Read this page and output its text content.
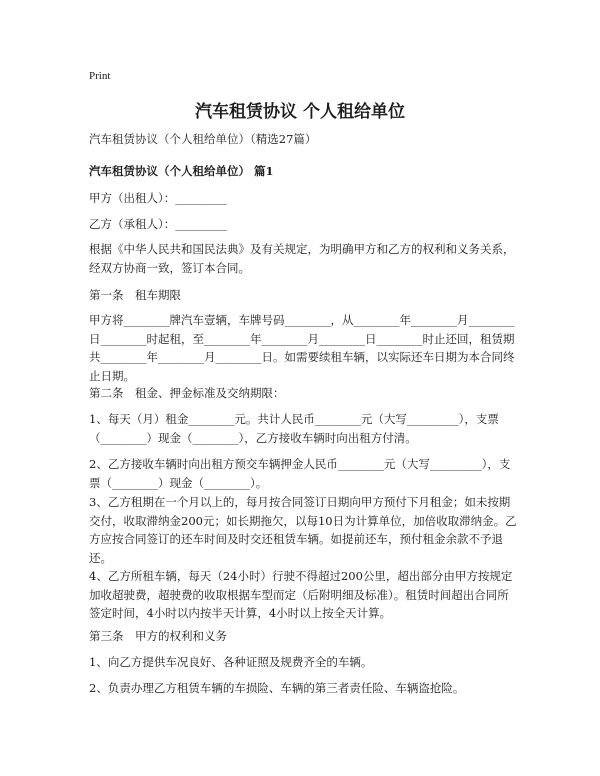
Print
汽车租赁协议 个人租给单位
汽车租赁协议（个人租给单位）（精选27篇）
汽车租赁协议（个人租给单位） 篇1
甲方（出租人）：_________
乙方（承租人）：_________
根据《中华人民共和国民法典》及有关规定，为明确甲方和乙方的权利和义务关系，经双方协商一致，签订本合同。
第一条　租车期限
甲方将________牌汽车壹辆，车牌号码________，从________年________月________日________时起租，至________年________月________日________时止还回，租赁期共________年________月________日。如需要续租车辆，以实际还车日期为本合同终止日期。
第二条　租金、押金标准及交纳期限：
1、每天（月）租金________元。共计人民币________元（大写_________），支票（________）现金（________），乙方接收车辆时向出租方付清。
2、乙方接收车辆时向出租方预交车辆押金人民币________元（大写_________），支票（________）现金（________）。
3、乙方租期在一个月以上的，每月按合同签订日期向甲方预付下月租金；如未按期交付，收取滞纳金200元；如长期拖欠，以每10日为计算单位，加倍收取滞纳金。乙方应按合同签订的还车时间及时交还租赁车辆。如提前还车，预付租金余款不予退还。
4、乙方所租车辆，每天（24小时）行驶不得超过200公里，超出部分由甲方按规定加收超驶费，超驶费的收取根据车型而定（后附明细及标准）。租赁时间超出合同所签定时间，4小时以内按半天计算，4小时以上按全天计算。
第三条　甲方的权利和义务
1、向乙方提供车况良好、各种证照及规费齐全的车辆。
2、负责办理乙方租赁车辆的车损险、车辆的第三者责任险、车辆盗抢险。
